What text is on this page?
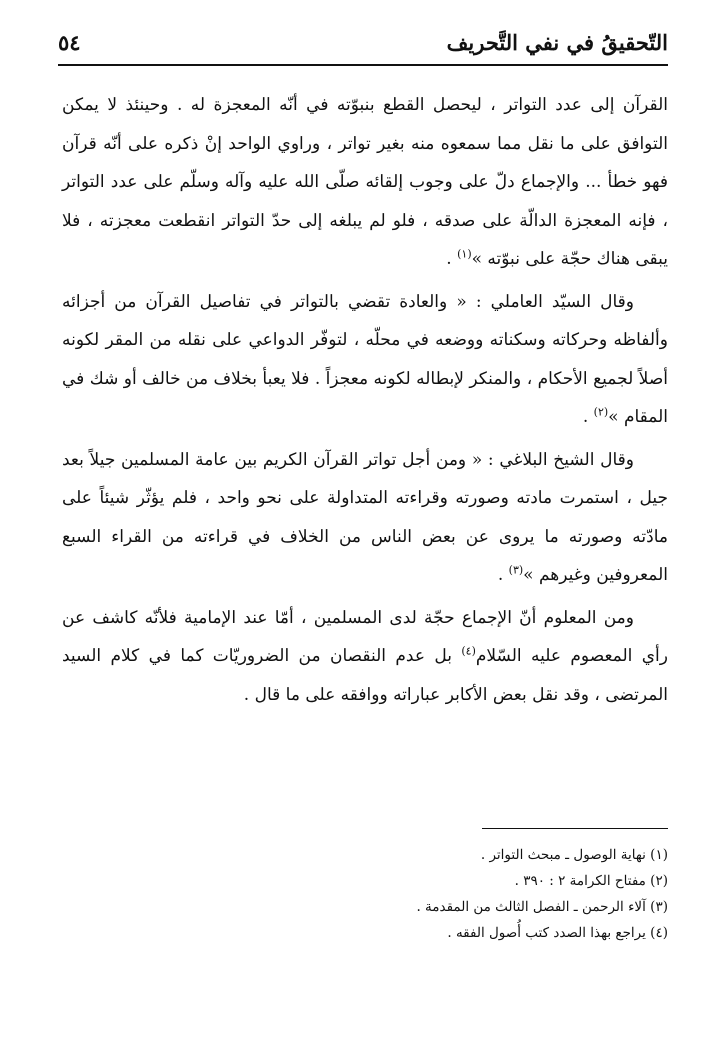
التّحقيقُ في نفي التَّحريف
٥٤

القرآن إلى عدد التواتر ، ليحصل القطع بنبوّته في أنّه المعجزة له . وحينئذ لا يمكن التوافق على ما نقل مما سمعوه منه بغير تواتر ، وراوي الواحد إنْ ذكره على أنّه قرآن فهو خطأ ... والإجماع دلّ على وجوب إلقائه صلّى الله عليه وآله وسلّم على عدد التواتر ، فإنه المعجزة الدالّة على صدقه ، فلو لم يبلغه إلى حدّ التواتر انقطعت معجزته ، فلا يبقى هناك حجّة على نبوّته »$^{(١)}$ .

وقال السيّد العاملي : « والعادة تقضي بالتواتر في تفاصيل القرآن من أجزائه وألفاظه وحركاته وسكناته ووضعه في محلّه ، لتوفّر الدواعي على نقله من المقر لكونه أصلاً لجميع الأحكام ، والمنكر لإبطاله لكونه معجزاً . فلا يعبأ بخلاف من خالف أو شك في المقام »$^{(٢)}$ .

وقال الشيخ البلاغي : « ومن أجل تواتر القرآن الكريم بين عامة المسلمين جيلاً بعد جيل ، استمرت مادته وصورته وقراءته المتداولة على نحو واحد ، فلم يؤثّر شيئاً على مادّته وصورته ما يروى عن بعض الناس من الخلاف في قراءته من القراء السبع المعروفين وغيرهم »$^{(٣)}$ .

ومن المعلوم أنّ الإجماع حجّة لدى المسلمين ، أمّا عند الإمامية فلأنّه كاشف عن رأي المعصوم عليه السّلام$^{(٤)}$ بل عدم النقصان من الضروريّات كما في كلام السيد المرتضى ، وقد نقل بعض الأكابر عباراته ووافقه على ما قال .

(١) نهاية الوصول ـ مبحث التواتر .

(٢) مفتاح الكرامة ٢ : ٣٩٠ .

(٣) آلاء الرحمن ـ الفصل الثالث من المقدمة .

(٤) يراجع بهذا الصدد كتب أُصول الفقه .
